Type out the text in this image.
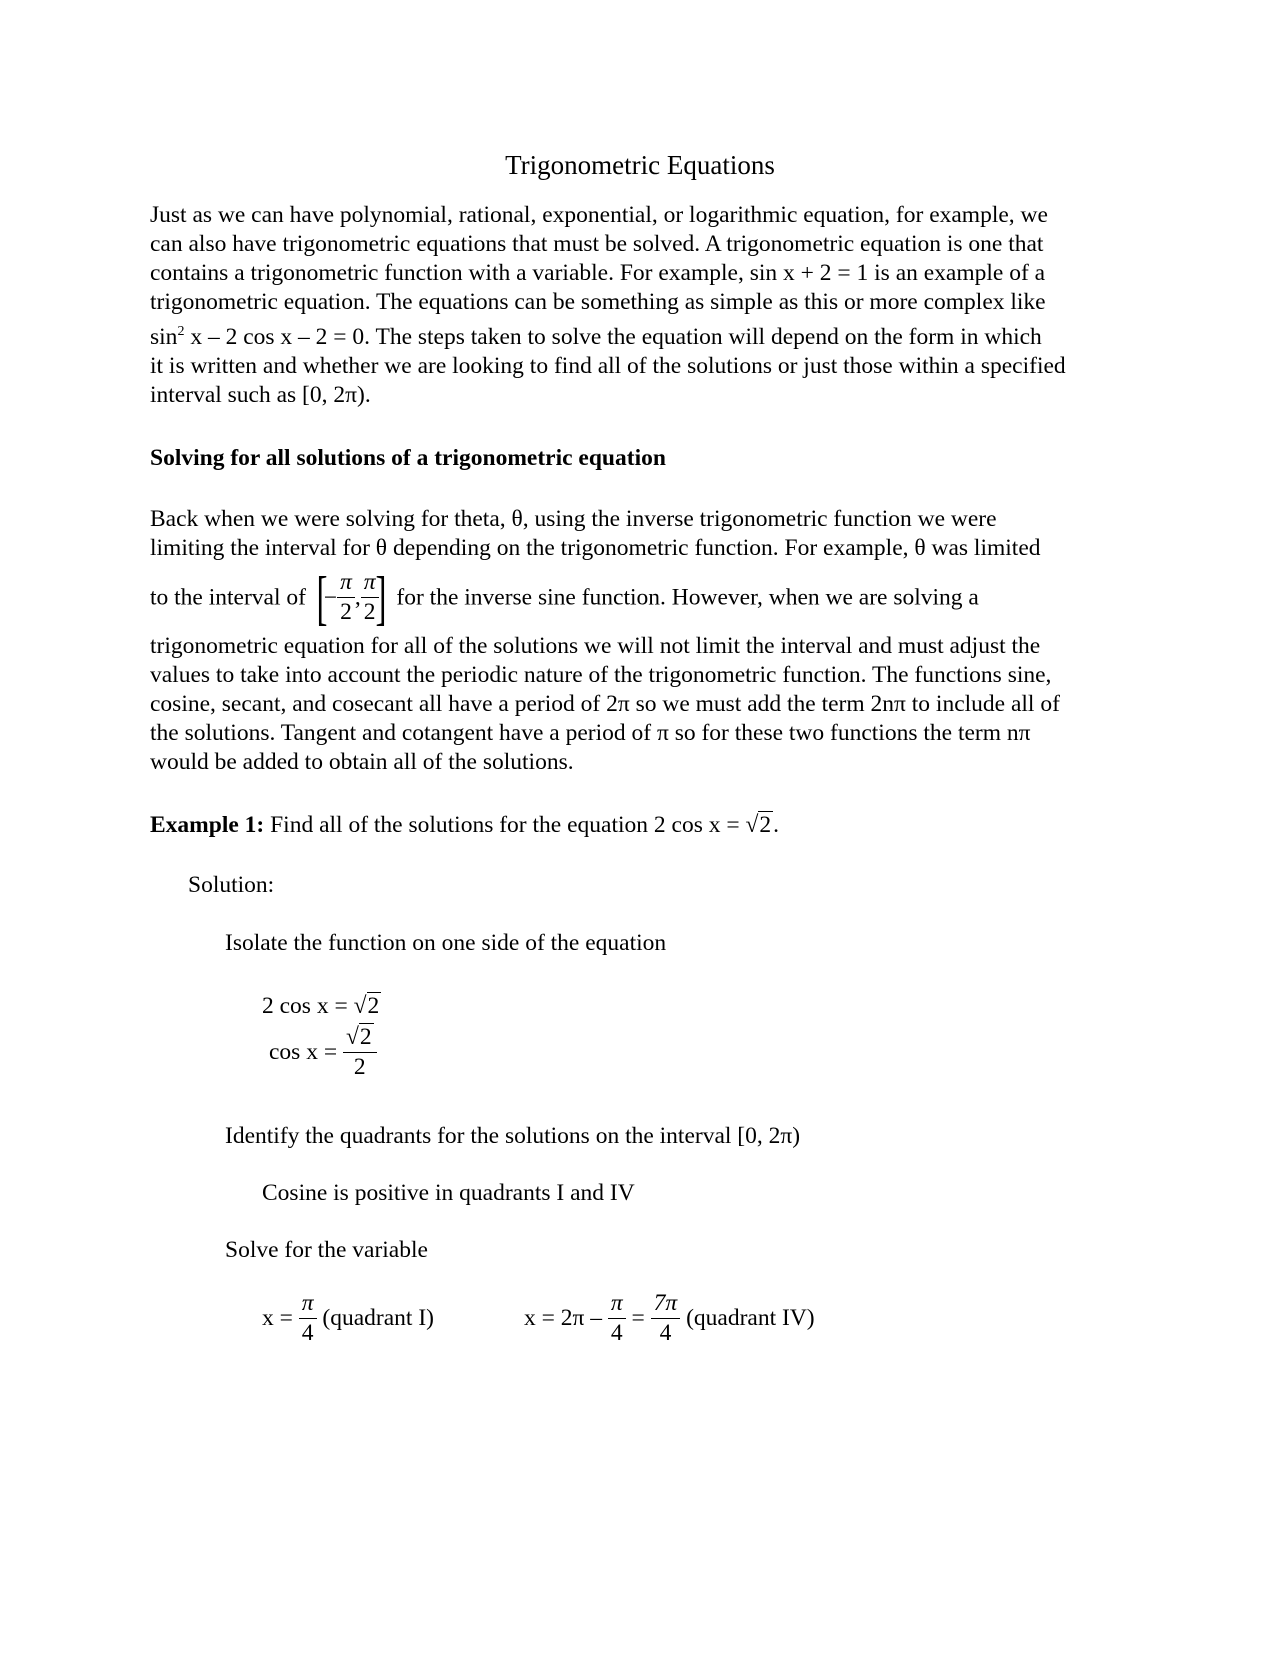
Trigonometric Equations
Just as we can have polynomial, rational, exponential, or logarithmic equation, for example, we
can also have trigonometric equations that must be solved. A trigonometric equation is one that
contains a trigonometric function with a variable. For example, sin x + 2 = 1 is an example of a
trigonometric equation. The equations can be something as simple as this or more complex like
$\sin^2 x - 2$ cos x – 2 = 0. The steps taken to solve the equation will depend on the form in which
it is written and whether we are looking to find all of the solutions or just those within a specified
interval such as [0, 2π).
Solving for all solutions of a trigonometric equation
Back when we were solving for theta, θ, using the inverse trigonometric function we were
limiting the interval for θ depending on the trigonometric function. For example, θ was limited
to the interval of [− $\frac{\pi}{2}$ , $\frac{\pi}{2}$
] for the inverse sine function. However, when we are solving a
trigonometric equation for all of the solutions we will not limit the interval and must adjust the
values to take into account the periodic nature of the trigonometric function. The functions sine,
cosine, secant, and cosecant all have a period of 2π so we must add the term 2nπ to include all of
the solutions. Tangent and cotangent have a period of π so for these two functions the term nπ
would be added to obtain all of the solutions.
Example 1: Find all of the solutions for the equation 2 cos x = √2.
Solution:
Isolate the function on one side of the equation
2 cos x = √2
$\cos x = \frac{√2}{2}$
Identify the quadrants for the solutions on the interval [0, 2π)
Cosine is positive in quadrants I and IV
Solve for the variable
$x = \frac{\pi}{4}$ (quadrant I)	$x = 2\pi - \frac{\pi}{4} = \frac{7\pi}{4}$ (quadrant IV)
